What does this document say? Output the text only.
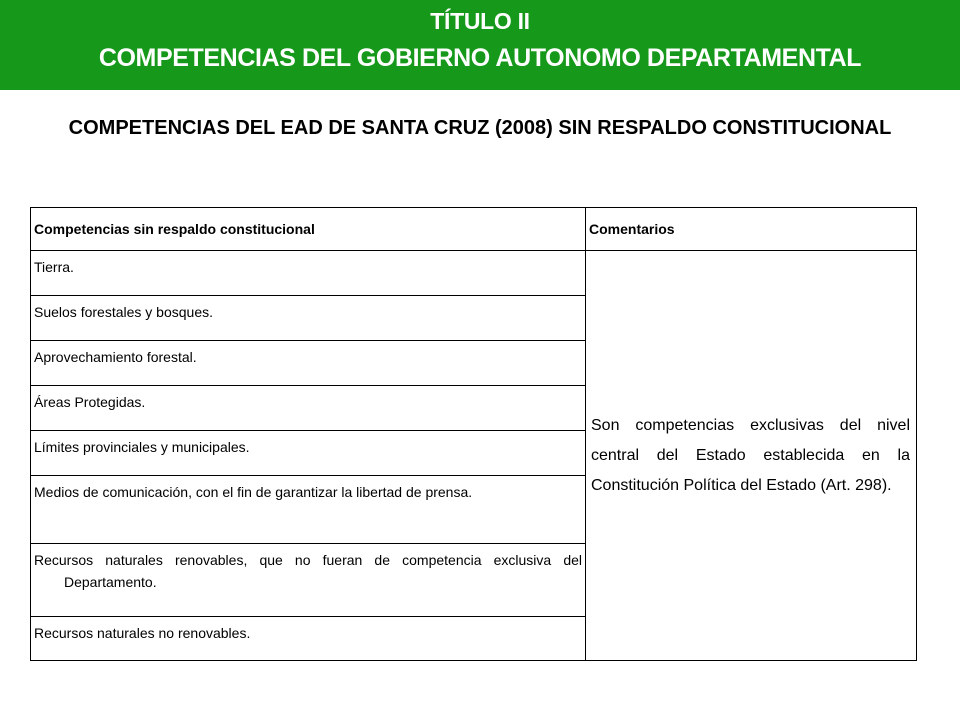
TÍTULO II
COMPETENCIAS DEL GOBIERNO AUTONOMO DEPARTAMENTAL
COMPETENCIAS DEL EAD DE SANTA CRUZ (2008) SIN RESPALDO CONSTITUCIONAL
Competencias sin respaldo constitucional	Comentarios
Tierra.	Son competencias exclusivas del nivel central del Estado establecida en la Constitución Política del Estado (Art. 298).
Suelos forestales y bosques.	
Aprovechamiento forestal.	
Áreas Protegidas.	
Límites provinciales y municipales.	
Medios de comunicación, con el fin de garantizar la libertad de prensa.	
Recursos naturales renovables, que no fueran de competencia exclusiva del Departamento.	
Recursos naturales no renovables.	
